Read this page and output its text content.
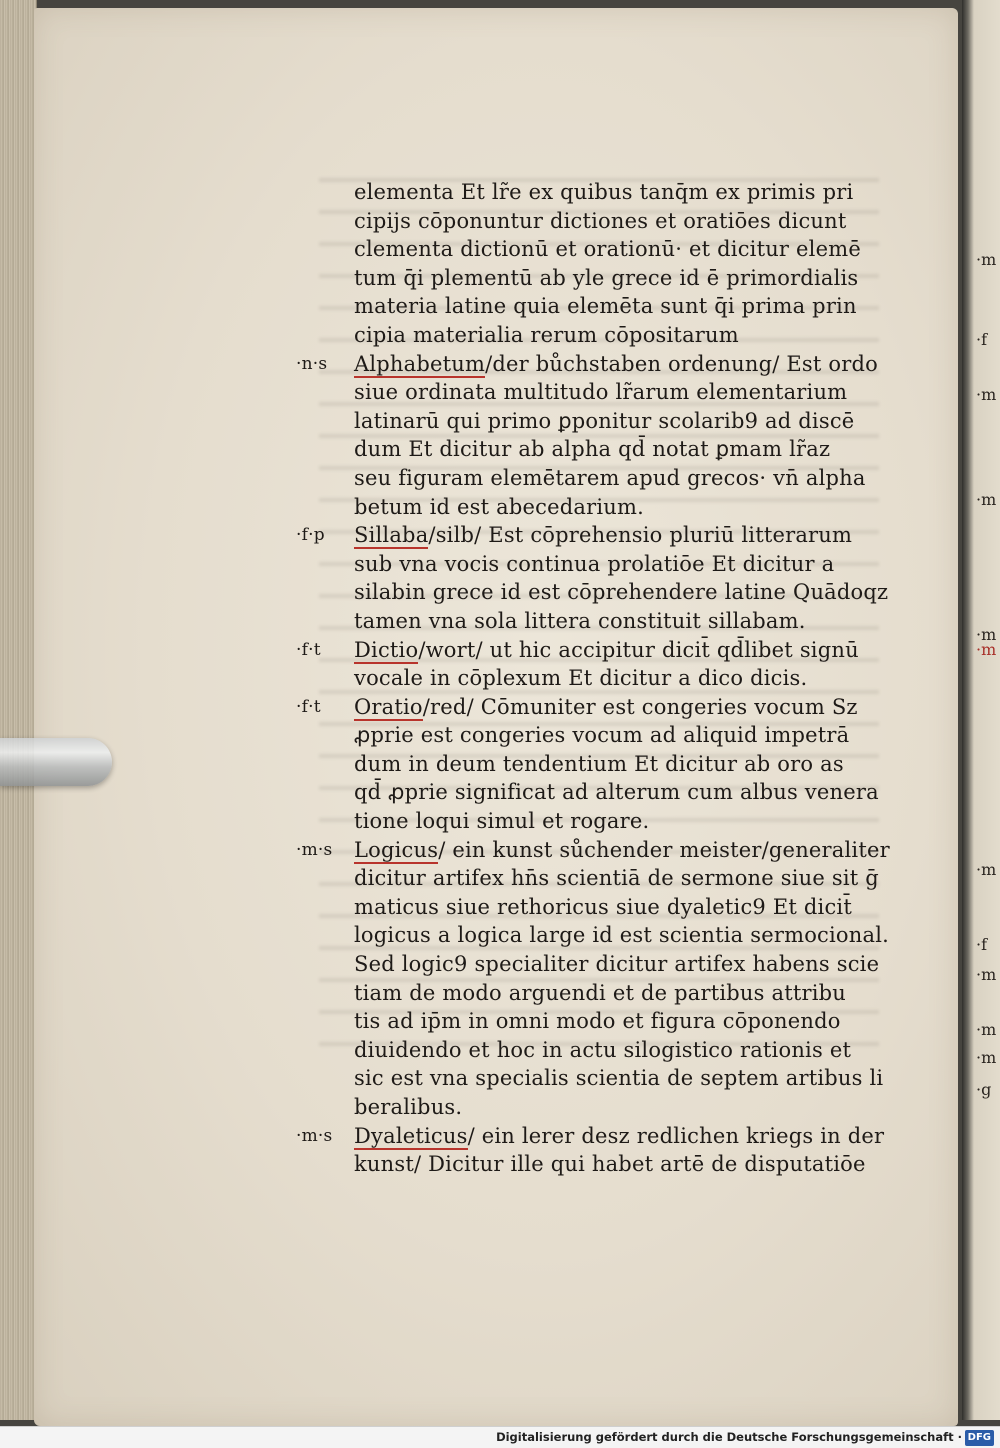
·m
·f
·m
·m
·m
·m
·m
·f
·m
·m
·m
·g
elementa Et lr̃e ex quibus tanq̄m ex primis pri
cipijs cōponuntur dictiones et oratiōes dicunt
clementa dictionū et orationū· et dicitur elemē
tum q̄i plementū ab yle grece id ē primordialis
materia latine quia elemēta sunt q̄i prima prin
cipia materialia rerum cōpositarum
·n·s	Alphabetum/der bůchstaben ordenung/ Est ordo
siue ordinata multitudo lr̃arum elementarium
latinarū qui primo ꝑponitur scolarib9 ad discē
dum Et dicitur ab alpha qd̄ notat ꝑmam lr̃az
seu figuram elemētarem apud grecos· vn̄ alpha
betum id est abecedarium.
·f·p	Sillaba/silb/ Est cōprehensio pluriū litterarum
sub vna vocis continua prolatiōe Et dicitur a
silabin grece id est cōprehendere latine Quādoqz
tamen vna sola littera constituit sillabam.
·f·t	Dictio/wort/ ut hic accipitur dicit̄ qd̄libet signū
vocale in cōplexum Et dicitur a dico dicis.
·f·t	Oratio/red/ Cōmuniter est congeries vocum Sz
ꝓprie est congeries vocum ad aliquid impetrā
dum in deum tendentium Et dicitur ab oro as
qd̄ ꝓprie significat ad alterum cum albus venera
tione loqui simul et rogare.
·m·s	Logicus/ ein kunst sůchender meister/generaliter
dicitur artifex hn̄s scientiā de sermone siue sit ḡ
maticus siue rethoricus siue dyaletic9 Et dicit̄
logicus a logica large id est scientia sermocional.
Sed logic9 specialiter dicitur artifex habens scie
tiam de modo arguendi et de partibus attribu
tis ad ip̄m in omni modo et figura cōponendo
diuidendo et hoc in actu silogistico rationis et
sic est vna specialis scientia de septem artibus li
beralibus.
·m·s	Dyaleticus/ ein lerer desz redlichen kriegs in der
kunst/ Dicitur ille qui habet artē de disputatiōe
Digitalisierung gefördert durch die Deutsche Forschungsgemeinschaft · DFG
